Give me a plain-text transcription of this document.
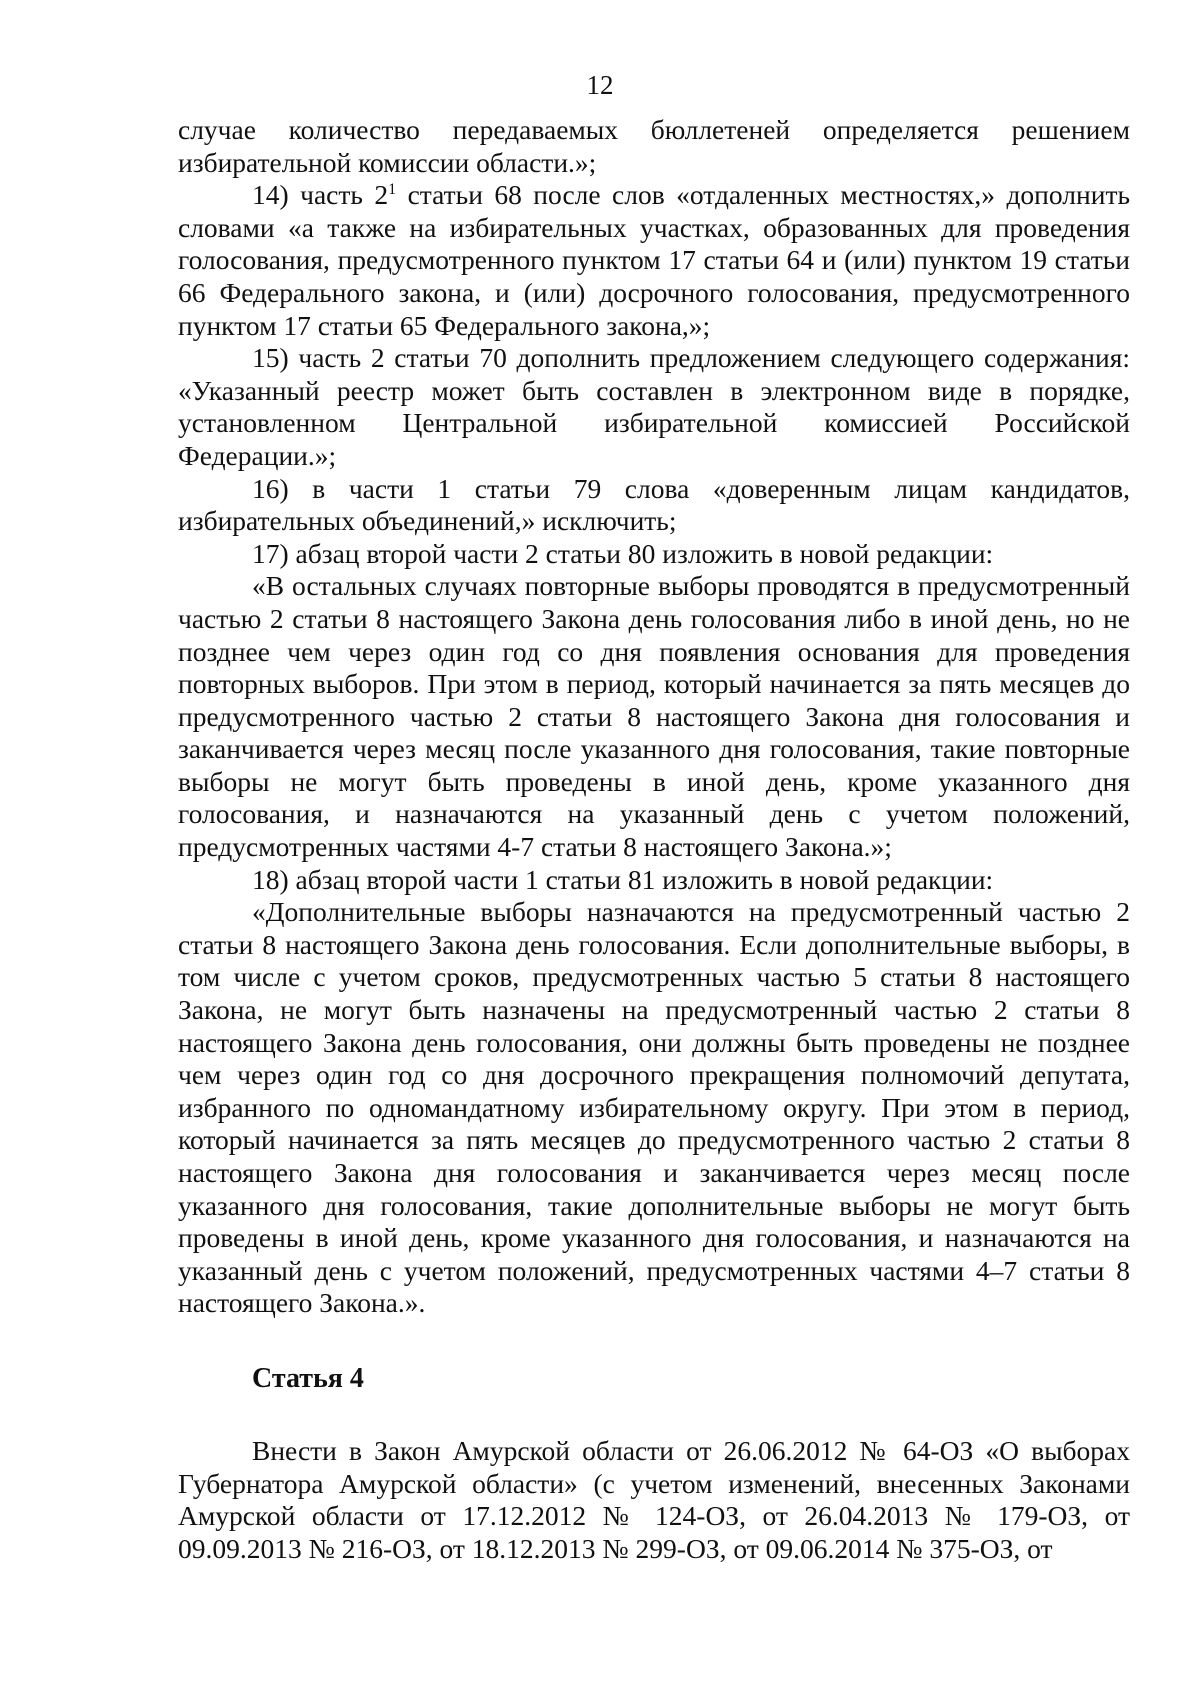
12

случае количество передаваемых бюллетеней определяется решением избирательной комиссии области.»;

14) часть $2^1$ статьи 68 после слов «отдаленных местностях,» дополнить словами «а также на избирательных участках, образованных для проведения голосования, предусмотренного пунктом 17 статьи 64 и (или) пунктом 19 статьи 66 Федерального закона, и (или) досрочного голосования, предусмотренного пунктом 17 статьи 65 Федерального закона,»;

15) часть 2 статьи 70 дополнить предложением следующего содержания: «Указанный реестр может быть составлен в электронном виде в порядке, установленном Центральной избирательной комиссией Российской Федерации.»;

16) в части 1 статьи 79 слова «доверенным лицам кандидатов, избирательных объединений,» исключить;

17) абзац второй части 2 статьи 80 изложить в новой редакции:

«В остальных случаях повторные выборы проводятся в предусмотренный частью 2 статьи 8 настоящего Закона день голосования либо в иной день, но не позднее чем через один год со дня появления основания для проведения повторных выборов. При этом в период, который начинается за пять месяцев до предусмотренного частью 2 статьи 8 настоящего Закона дня голосования и заканчивается через месяц после указанного дня голосования, такие повторные выборы не могут быть проведены в иной день, кроме указанного дня голосования, и назначаются на указанный день с учетом положений, предусмотренных частями 4-7 статьи 8 настоящего Закона.»;

18) абзац второй части 1 статьи 81 изложить в новой редакции:

«Дополнительные выборы назначаются на предусмотренный частью 2 статьи 8 настоящего Закона день голосования. Если дополнительные выборы, в том числе с учетом сроков, предусмотренных частью 5 статьи 8 настоящего Закона, не могут быть назначены на предусмотренный частью 2 статьи 8 настоящего Закона день голосования, они должны быть проведены не позднее чем через один год со дня досрочного прекращения полномочий депутата, избранного по одномандатному избирательному округу. При этом в период, который начинается за пять месяцев до предусмотренного частью 2 статьи 8 настоящего Закона дня голосования и заканчивается через месяц после указанного дня голосования, такие дополнительные выборы не могут быть проведены в иной день, кроме указанного дня голосования, и назначаются на указанный день с учетом положений, предусмотренных частями 4–7 статьи 8 настоящего Закона.».

Статья 4

Внести в Закон Амурской области от 26.06.2012 № 64-ОЗ «О выборах Губернатора Амурской области» (с учетом изменений, внесенных Законами Амурской области от 17.12.2012 № 124-ОЗ, от 26.04.2013 № 179-ОЗ, от 09.09.2013 № 216-ОЗ, от 18.12.2013 № 299-ОЗ, от 09.06.2014 № 375-ОЗ, от
